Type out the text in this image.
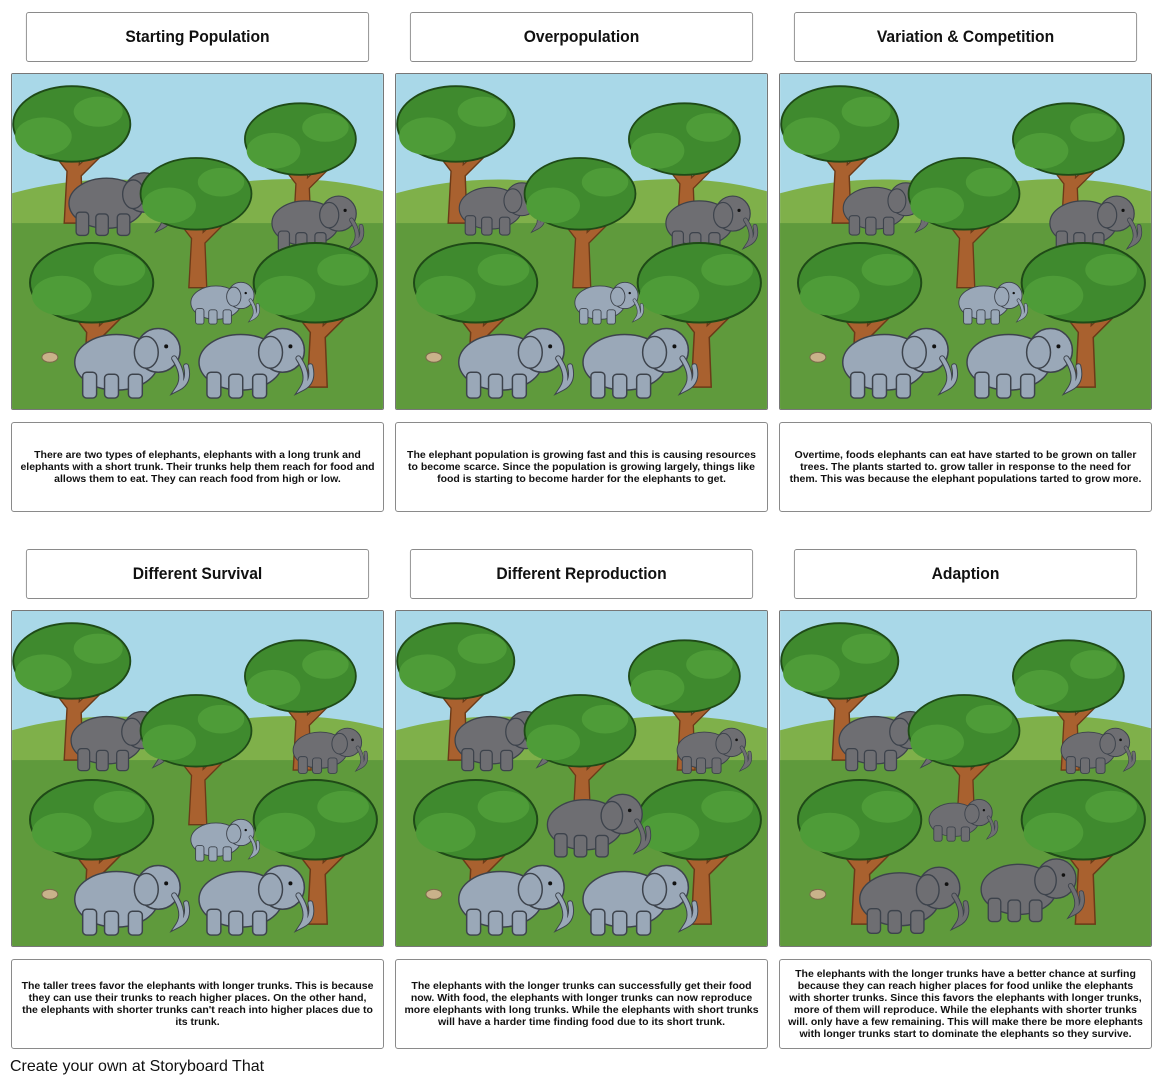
Starting Population	Overpopulation	Variation & Competition
There are two types of elephants, elephants with a long trunk and elephants with a short trunk. Their trunks help them reach for food and allows them to eat. They can reach food from high or low.
The elephant population is growing fast and this is causing resources to become scarce. Since the population is growing largely, things like food is starting to become harder for the elephants to get.
Overtime, foods elephants can eat have started to be grown on taller trees. The plants started to. grow taller in response to the need for them. This was because the elephant populations tarted to grow more.
Different Survival	Different Reproduction	Adaption
The taller trees favor the elephants with longer trunks. This is because they can use their trunks to reach higher places. On the other hand, the elephants with shorter trunks can't reach into higher places due to its trunk.
The elephants with the longer trunks can successfully get their food now. With food, the elephants with longer trunks can now reproduce more elephants with long trunks. While the elephants with short trunks will have a harder time finding food due to its short trunk.
The elephants with the longer trunks have a better chance at surfing because they can reach higher places for food unlike the elephants with shorter trunks. Since this favors the elephants with longer trunks, more of them will reproduce. While the elephants with shorter trunks will. only have a few remaining. This will make there be more elephants with longer trunks start to dominate the elephants so they survive.
Create your own at Storyboard That
